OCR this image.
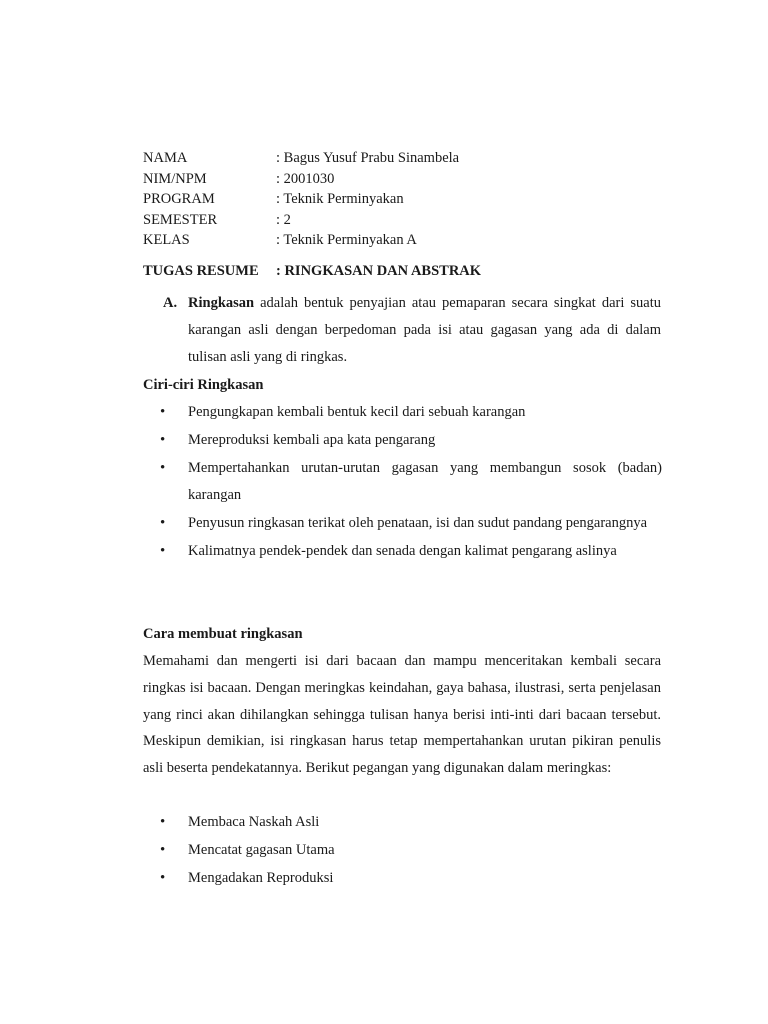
NAMA	: Bagus Yusuf Prabu Sinambela
NIM/NPM	: 2001030
PROGRAM	: Teknik Perminyakan
SEMESTER	: 2
KELAS	: Teknik Perminyakan A
TUGAS RESUME	: RINGKASAN DAN ABSTRAK
A. Ringkasan adalah bentuk penyajian atau pemaparan secara singkat dari suatu karangan asli dengan berpedoman pada isi atau gagasan yang ada di dalam tulisan asli yang di ringkas.
Ciri-ciri Ringkasan
•	Pengungkapan kembali bentuk kecil dari sebuah karangan
•	Mereproduksi kembali apa kata pengarang
•	Mempertahankan urutan-urutan gagasan yang membangun sosok (badan) karangan
•	Penyusun ringkasan terikat oleh penataan, isi dan sudut pandang pengarangnya
•	Kalimatnya pendek-pendek dan senada dengan kalimat pengarang aslinya
Cara membuat ringkasan
Memahami dan mengerti isi dari bacaan dan mampu menceritakan kembali secara ringkas isi bacaan. Dengan meringkas keindahan, gaya bahasa, ilustrasi, serta penjelasan yang rinci akan dihilangkan sehingga tulisan hanya berisi inti-inti dari bacaan tersebut. Meskipun demikian, isi ringkasan harus tetap mempertahankan urutan pikiran penulis asli beserta pendekatannya. Berikut pegangan yang digunakan dalam meringkas:
•	Membaca Naskah Asli
•	Mencatat gagasan Utama
•	Mengadakan Reproduksi
